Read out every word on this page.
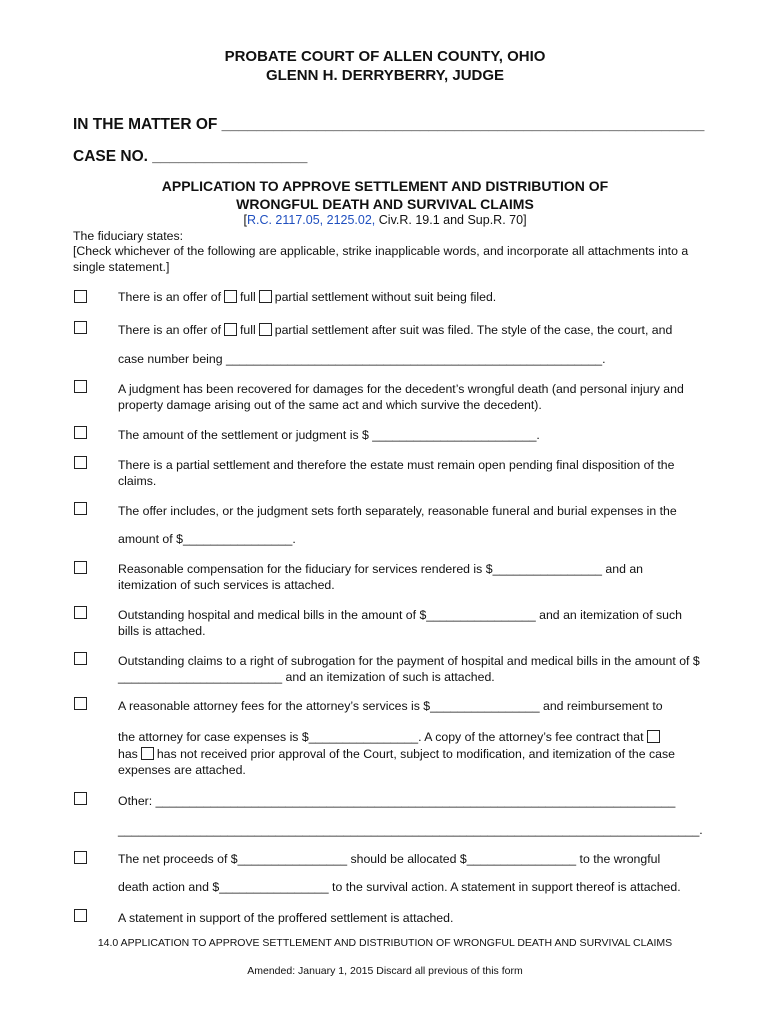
PROBATE COURT OF ALLEN COUNTY, OHIO
GLENN H. DERRYBERRY, JUDGE
IN THE MATTER OF ________________________________________________________
CASE NO. __________________
APPLICATION TO APPROVE SETTLEMENT AND DISTRIBUTION OF
WRONGFUL DEATH AND SURVIVAL CLAIMS
[R.C. 2117.05, 2125.02, Civ.R. 19.1 and Sup.R. 70]
The fiduciary states:
[Check whichever of the following are applicable, strike inapplicable words, and incorporate all attachments into a single statement.]
There is an offer of full partial settlement without suit being filed.
There is an offer of full partial settlement after suit was filed. The style of the case, the court, and
case number being _______________________________________________________.
A judgment has been recovered for damages for the decedent’s wrongful death (and personal injury and property damage arising out of the same act and which survive the decedent).
The amount of the settlement or judgment is $ ________________________.
There is a partial settlement and therefore the estate must remain open pending final disposition of the claims.
The offer includes, or the judgment sets forth separately, reasonable funeral and burial expenses in the
amount of $________________.
Reasonable compensation for the fiduciary for services rendered is $________________ and an itemization of such services is attached.
Outstanding hospital and medical bills in the amount of $________________ and an itemization of such bills is attached.
Outstanding claims to a right of subrogation for the payment of hospital and medical bills in the amount of $ ________________________ and an itemization of such is attached.
A reasonable attorney fees for the attorney’s services is $________________ and reimbursement to
the attorney for case expenses is $________________. A copy of the attorney’s fee contract that
has has not received prior approval of the Court, subject to modification, and itemization of the case expenses are attached.
Other: ____________________________________________________________________________
_____________________________________________________________________________________.
The net proceeds of $________________ should be allocated $________________ to the wrongful
death action and $________________ to the survival action. A statement in support thereof is attached.
A statement in support of the proffered settlement is attached.
14.0 APPLICATION TO APPROVE SETTLEMENT AND DISTRIBUTION OF WRONGFUL DEATH AND SURVIVAL CLAIMS
Amended: January 1, 2015 Discard all previous of this form
